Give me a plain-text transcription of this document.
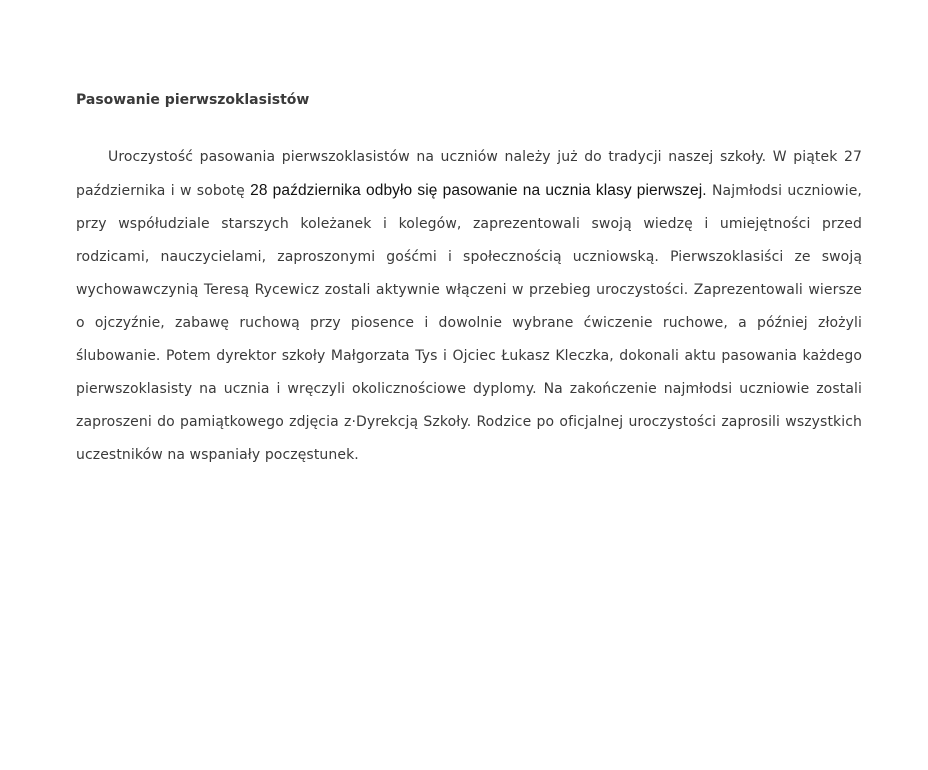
Pasowanie pierwszoklasistów

Uroczystość pasowania pierwszoklasistów na uczniów należy już do tradycji naszej szkoły. W piątek 27 października i w sobotę 28 października odbyło się pasowanie na ucznia klasy pierwszej. Najmłodsi uczniowie, przy współudziale starszych koleżanek i kolegów, zaprezentowali swoją wiedzę i umiejętności przed rodzicami, nauczycielami, zaproszonymi gośćmi i społecznością uczniowską. Pierwszoklasiści ze swoją wychowawczynią Teresą Rycewicz zostali aktywnie włączeni w przebieg uroczystości. Zaprezentowali wiersze o ojczyźnie, zabawę ruchową przy piosence i dowolnie wybrane ćwiczenie ruchowe, a później złożyli ślubowanie. Potem dyrektor szkoły Małgorzata Tys i Ojciec Łukasz Kleczka, dokonali aktu pasowania każdego pierwszoklasisty na ucznia i wręczyli okolicznościowe dyplomy. Na zakończenie najmłodsi uczniowie zostali zaproszeni do pamiątkowego zdjęcia z·Dyrekcją Szkoły. Rodzice po oficjalnej uroczystości zaprosili wszystkich uczestników na wspaniały poczęstunek.
